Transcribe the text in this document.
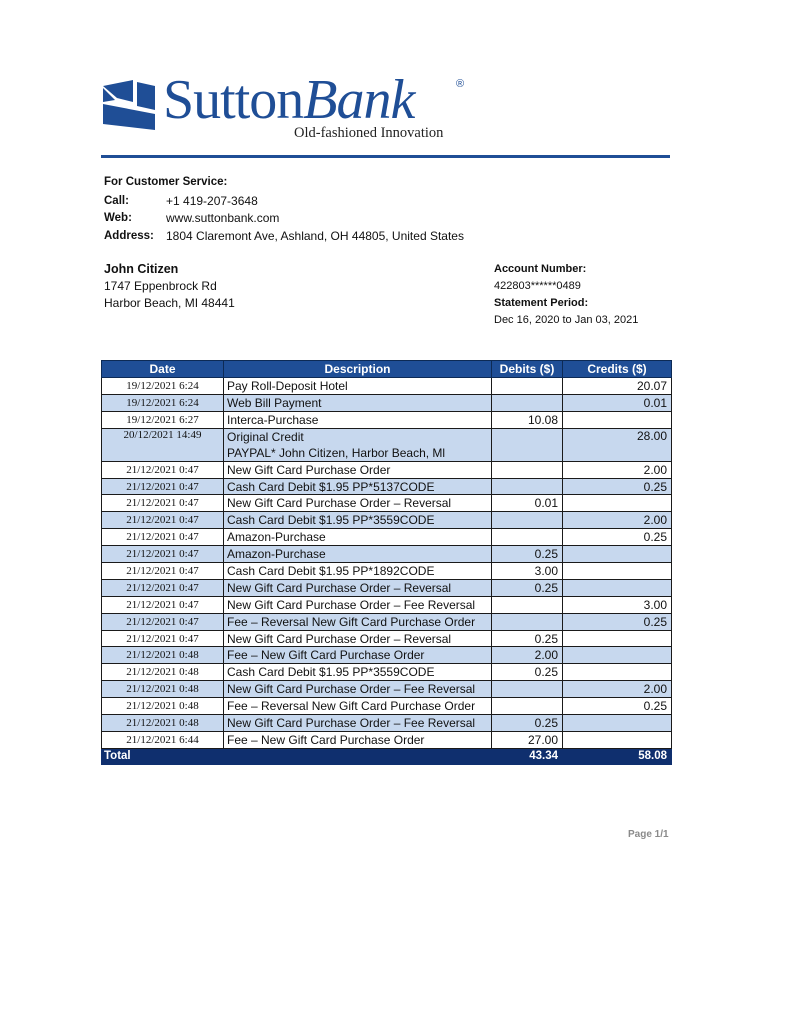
SuttonBank	®
Old-fashioned Innovation
For Customer Service:
Call:	+1 419-207-3648
Web:	www.suttonbank.com
Address:	1804 Claremont Ave, Ashland, OH 44805, United States
John Citizen
1747 Eppenbrock Rd
Harbor Beach, MI 48441
Account Number:
422803******0489
Statement Period:
Dec 16, 2020 to Jan 03, 2021
Date	Description	Debits ($)	Credits ($)
19/12/2021 6:24	Pay Roll-Deposit Hotel		20.07
19/12/2021 6:24	Web Bill Payment		0.01
19/12/2021 6:27	Interca-Purchase	10.08	
20/12/2021 14:49	Original Credit
PAYPAL* John Citizen, Harbor Beach, Ml		28.00
21/12/2021 0:47	New Gift Card Purchase Order		2.00
21/12/2021 0:47	Cash Card Debit $1.95 PP*5137CODE		0.25
21/12/2021 0:47	New Gift Card Purchase Order – Reversal	0.01	
21/12/2021 0:47	Cash Card Debit $1.95 PP*3559CODE		2.00
21/12/2021 0:47	Amazon-Purchase		0.25
21/12/2021 0:47	Amazon-Purchase	0.25	
21/12/2021 0:47	Cash Card Debit $1.95 PP*1892CODE	3.00	
21/12/2021 0:47	New Gift Card Purchase Order – Reversal	0.25	
21/12/2021 0:47	New Gift Card Purchase Order – Fee Reversal		3.00
21/12/2021 0:47	Fee – Reversal New Gift Card Purchase Order		0.25
21/12/2021 0:47	New Gift Card Purchase Order – Reversal	0.25	
21/12/2021 0:48	Fee – New Gift Card Purchase Order	2.00	
21/12/2021 0:48	Cash Card Debit $1.95 PP*3559CODE	0.25	
21/12/2021 0:48	New Gift Card Purchase Order – Fee Reversal		2.00
21/12/2021 0:48	Fee – Reversal New Gift Card Purchase Order		0.25
21/12/2021 0:48	New Gift Card Purchase Order – Fee Reversal	0.25	
21/12/2021 6:44	Fee – New Gift Card Purchase Order	27.00	
Total		43.34	58.08
Page 1/1
